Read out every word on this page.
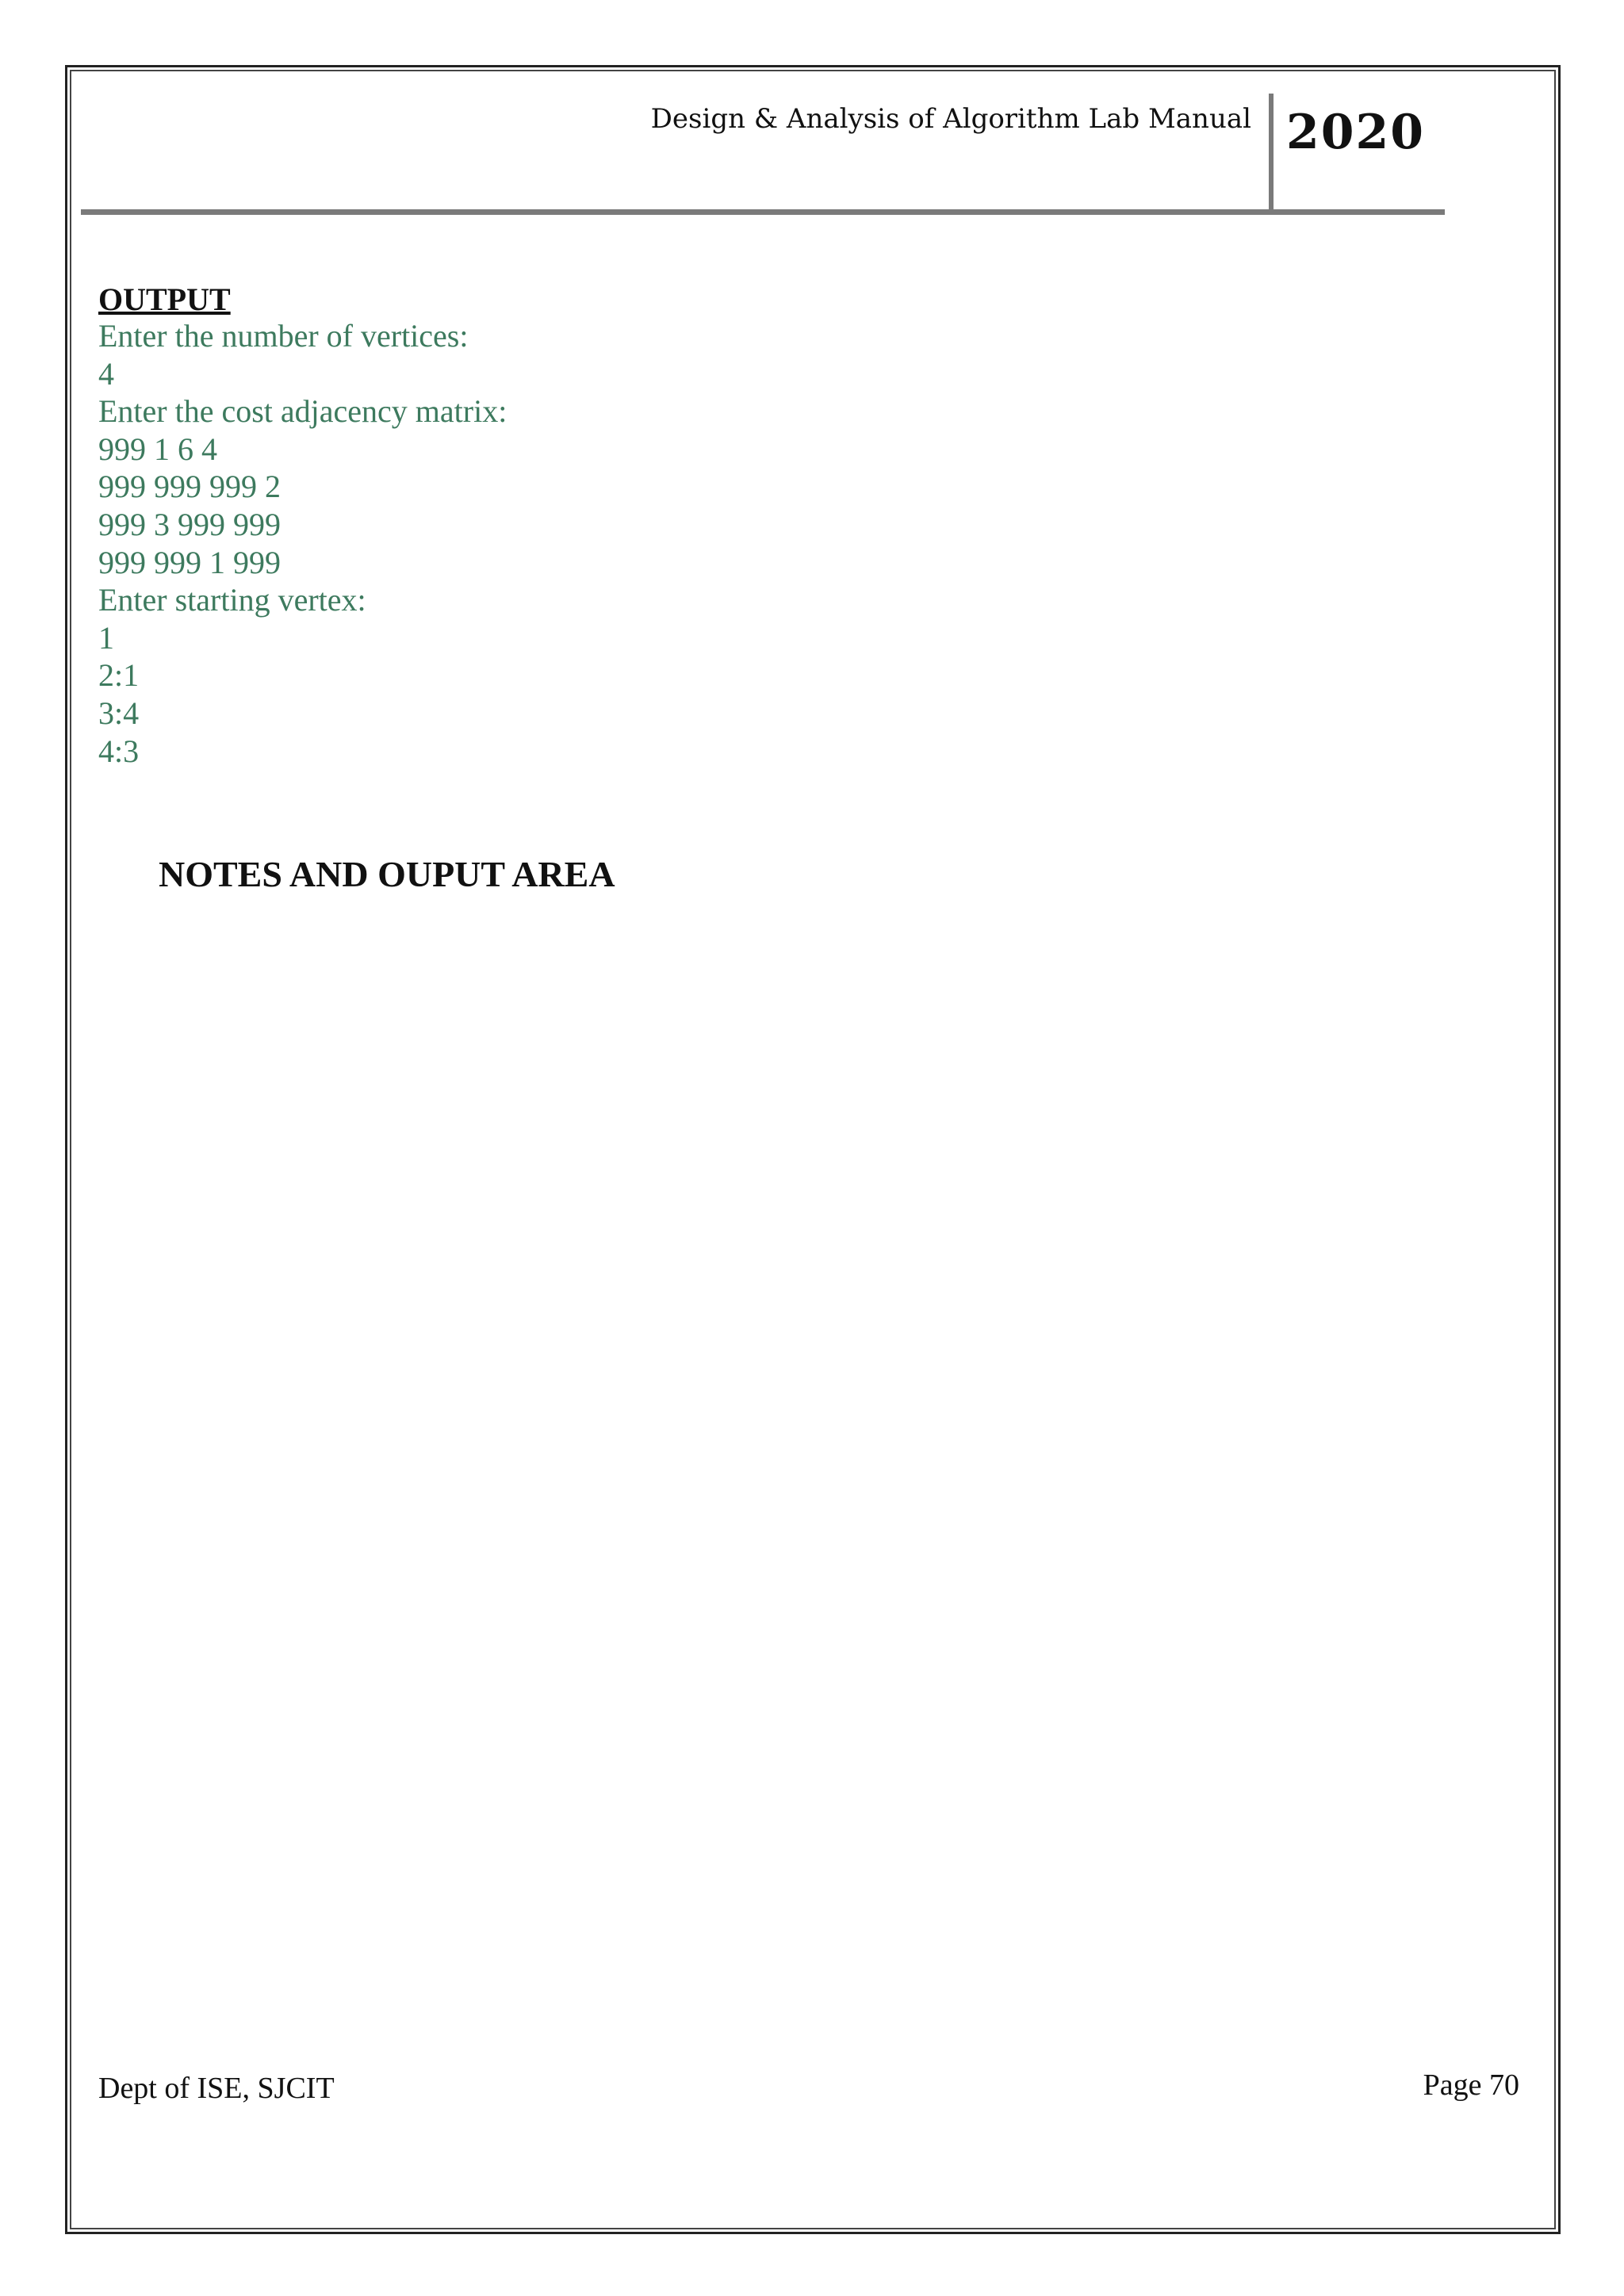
Design & Analysis of Algorithm Lab Manual 2020
OUTPUT
Enter the number of vertices:
4
Enter the cost adjacency matrix:
999 1 6 4
999 999 999 2
999 3 999 999
999 999 1 999
Enter starting vertex:
1
2:1
3:4
4:3
NOTES AND OUPUT AREA
Dept of ISE, SJCIT	Page 70
